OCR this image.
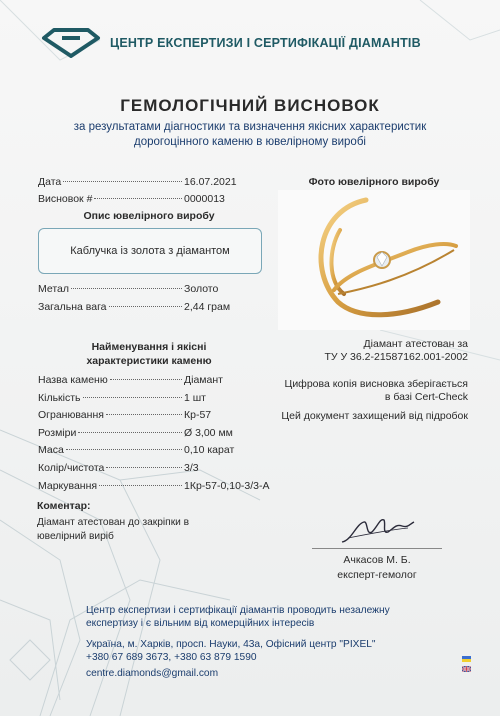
ЦЕНТР ЕКСПЕРТИЗИ І СЕРТИФІКАЦІЇ ДІАМАНТІВ
ГЕМОЛОГІЧНИЙ ВИСНОВОК
за результатами діагностики та визначення якісних характеристик
дорогоцінного каменю в ювелірному виробі
Дата	16.07.2021
Висновок #	0000013
Опис ювелірного виробу
Каблучка із золота з діамантом
Метал	Золото
Загальна вага	2,44 грам
Найменування і якісні
характеристики каменю
Назва каменю	Діамант
Кількість	1 шт
Огранювання	Кр-57
Розміри	Ø 3,00 мм
Маса	0,10 карат
Колір/чистота	3/3
Маркування	1Кр-57-0,10-3/3-А
Коментар:
Діамант атестован до закріпки в ювелірний виріб
Фото ювелірного виробу
Діамант атестован за
ТУ У 36.2-21587162.001-2002
Цифрова копія висновка зберігається
в базі Cert-Check
Цей документ захищений від підробок
Ачкасов М. Б.
експерт-гемолог
Центр експертизи і сертифікації діамантів проводить незалежну
експертизу і є вільним від комерційних інтересів
Україна, м. Харків, просп. Науки, 43а, Офісний центр "PIXEL"
+380 67 689 3673, +380 63 879 1590
centre.diamonds@gmail.com
